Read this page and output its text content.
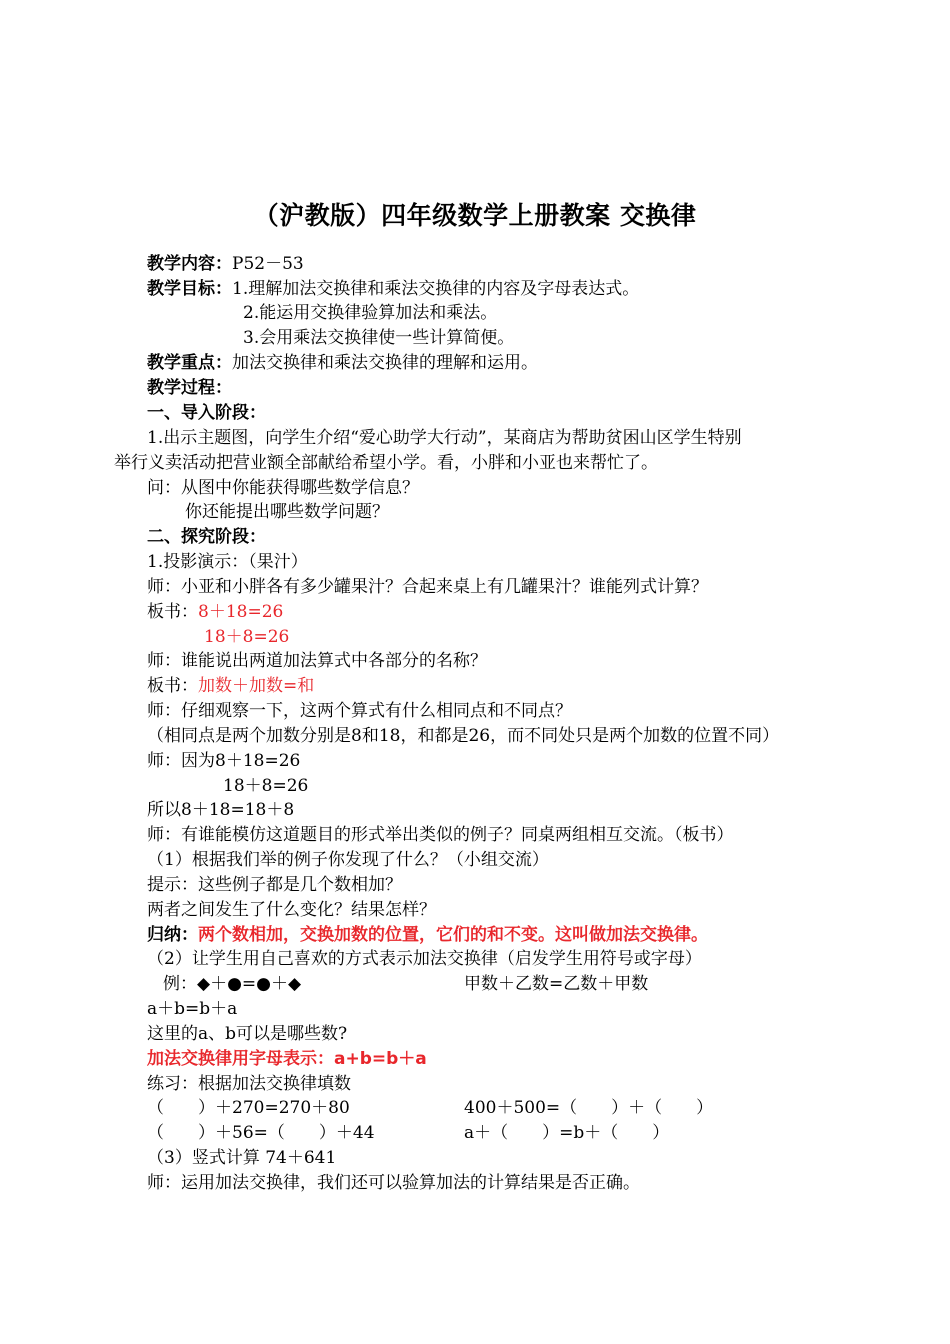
（沪教版）四年级数学上册教案 交换律
教学内容：P52－53
教学目标：1.理解加法交换律和乘法交换律的内容及字母表达式。
2.能运用交换律验算加法和乘法。
3.会用乘法交换律使一些计算简便。
教学重点：加法交换律和乘法交换律的理解和运用。
教学过程：
一、导入阶段：
1.出示主题图，向学生介绍“爱心助学大行动”，某商店为帮助贫困山区学生特别
举行义卖活动把营业额全部献给希望小学。看，小胖和小亚也来帮忙了。
问：从图中你能获得哪些数学信息？
你还能提出哪些数学问题？
二、探究阶段：
1.投影演示：（果汁）
师：小亚和小胖各有多少罐果汁？合起来桌上有几罐果汁？谁能列式计算？
板书：8＋18=26
18＋8=26
师：谁能说出两道加法算式中各部分的名称？
板书：加数＋加数=和
师：仔细观察一下，这两个算式有什么相同点和不同点？
（相同点是两个加数分别是8和18，和都是26，而不同处只是两个加数的位置不同）
师：因为8＋18=26
18＋8=26
所以8＋18=18＋8
师：有谁能模仿这道题目的形式举出类似的例子？同桌两组相互交流。（板书）
（1）根据我们举的例子你发现了什么？（小组交流）
提示：这些例子都是几个数相加？
两者之间发生了什么变化？结果怎样？
归纳：两个数相加，交换加数的位置，它们的和不变。这叫做加法交换律。
（2）让学生用自己喜欢的方式表示加法交换律（启发学生用符号或字母）
例：◆＋●=●＋◆	甲数＋乙数=乙数＋甲数
a＋b=b＋a
这里的a、b可以是哪些数?
加法交换律用字母表示：a+b=b＋a
练习：根据加法交换律填数
（　　）＋270=270＋80	400＋500=（　　）＋（　　）
（　　）＋56=（　　）＋44	a＋（　　）=b＋（　　）
（3）竖式计算 74＋641
师：运用加法交换律，我们还可以验算加法的计算结果是否正确。
